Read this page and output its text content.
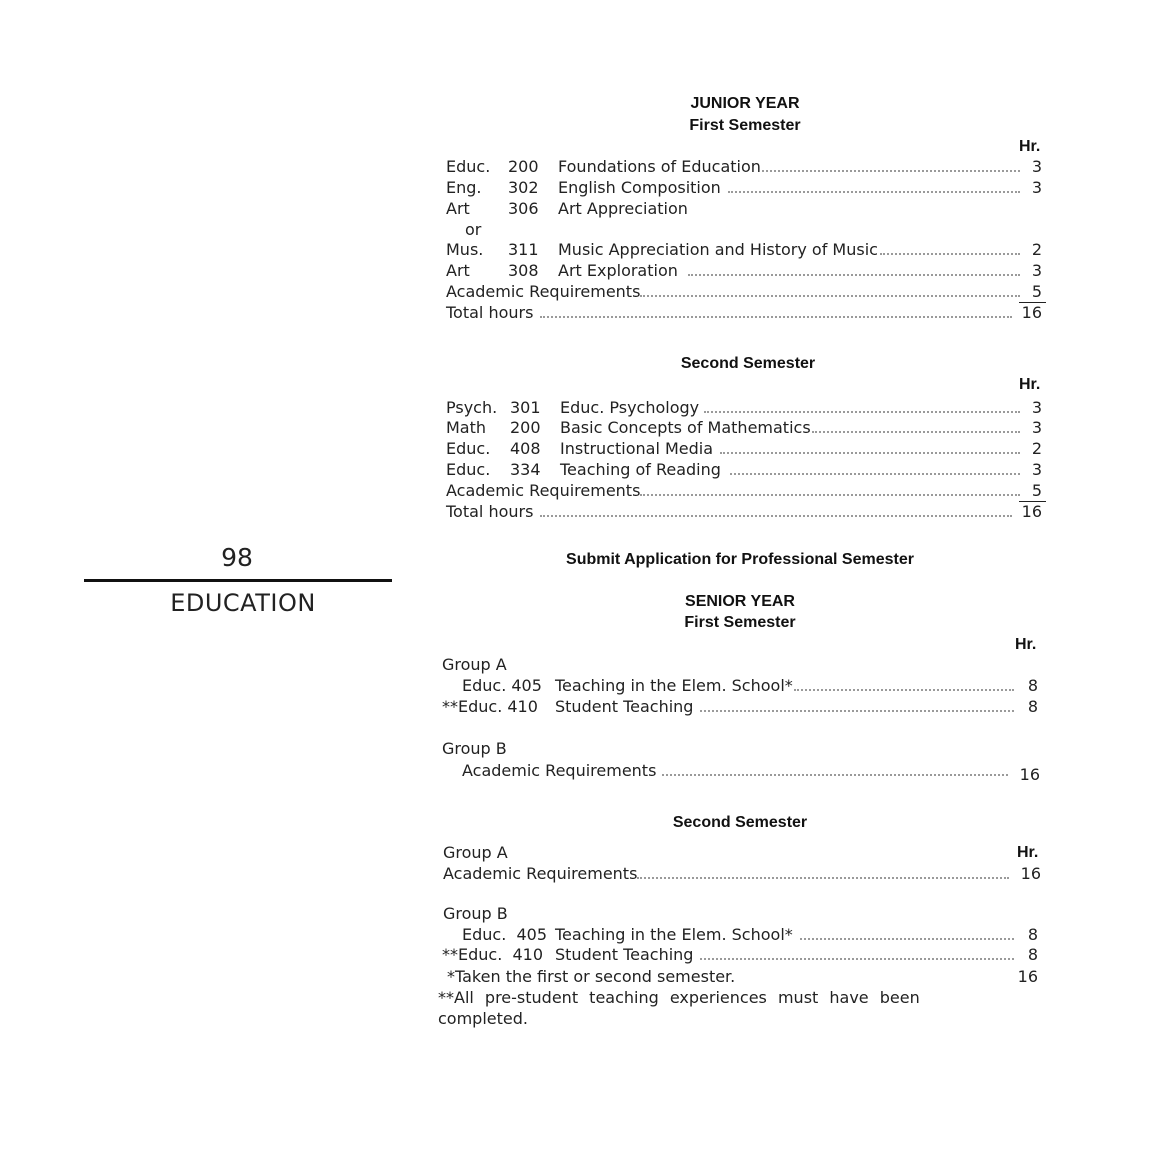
98
EDUCATION
JUNIOR YEAR
First Semester
Hr.
Educ. 200 Foundations of Education	3
Eng. 302 English Composition	3
Art 306 Art Appreciation
or
Mus. 311 Music Appreciation and History of Music	2
Art 308 Art Exploration	3
Academic Requirements	5
Total hours	16
Second Semester
Hr.
Psych. 301 Educ. Psychology	3
Math 200 Basic Concepts of Mathematics	3
Educ. 408 Instructional Media	2
Educ. 334 Teaching of Reading	3
Academic Requirements	5
Total hours	16
Submit Application for Professional Semester
SENIOR YEAR
First Semester
Hr.
Group A
Educ. 405 Teaching in the Elem. School*	8
**Educ. 410 Student Teaching	8
Group B
Academic Requirements	16
Second Semester
Group A	Hr.
Academic Requirements	16
Group B
Educ.  405 Teaching in the Elem. School*	8
**Educ.  410 Student Teaching	8
*Taken the first or second semester.	16
**All pre-student teaching experiences must have been
completed.
